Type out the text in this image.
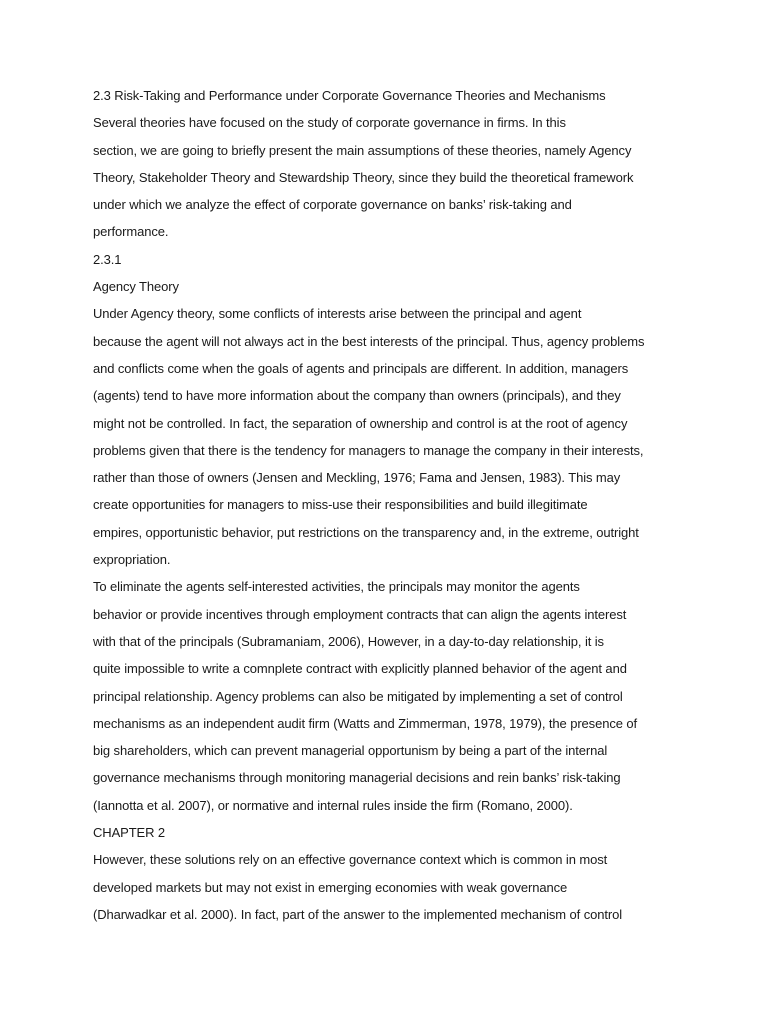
2.3 Risk-Taking and Performance under Corporate Governance Theories and Mechanisms
Several theories have focused on the study of corporate governance in firms. In this
section, we are going to briefly present the main assumptions of these theories, namely Agency
Theory, Stakeholder Theory and Stewardship Theory, since they build the theoretical framework
under which we analyze the effect of corporate governance on banks’ risk-taking and
performance.
2.3.1
Agency Theory
Under Agency theory, some conflicts of interests arise between the principal and agent
because the agent will not always act in the best interests of the principal. Thus, agency problems
and conflicts come when the goals of agents and principals are different. In addition, managers
(agents) tend to have more information about the company than owners (principals), and they
might not be controlled. In fact, the separation of ownership and control is at the root of agency
problems given that there is the tendency for managers to manage the company in their interests,
rather than those of owners (Jensen and Meckling, 1976; Fama and Jensen, 1983). This may
create opportunities for managers to miss-use their responsibilities and build illegitimate
empires, opportunistic behavior, put restrictions on the transparency and, in the extreme, outright
expropriation.
To eliminate the agents self-interested activities, the principals may monitor the agents
behavior or provide incentives through employment contracts that can align the agents interest
with that of the principals (Subramaniam, 2006), However, in a day-to-day relationship, it is
quite impossible to write a comnplete contract with explicitly planned behavior of the agent and
principal relationship. Agency problems can also be mitigated by implementing a set of control
mechanisms as an independent audit firm (Watts and Zimmerman, 1978, 1979), the presence of
big shareholders, which can prevent managerial opportunism by being a part of the internal
governance mechanisms through monitoring managerial decisions and rein banks’ risk-taking
(Iannotta et al. 2007), or normative and internal rules inside the firm (Romano, 2000).
CHAPTER 2
However, these solutions rely on an effective governance context which is common in most
developed markets but may not exist in emerging economies with weak governance
(Dharwadkar et al. 2000). In fact, part of the answer to the implemented mechanism of control
